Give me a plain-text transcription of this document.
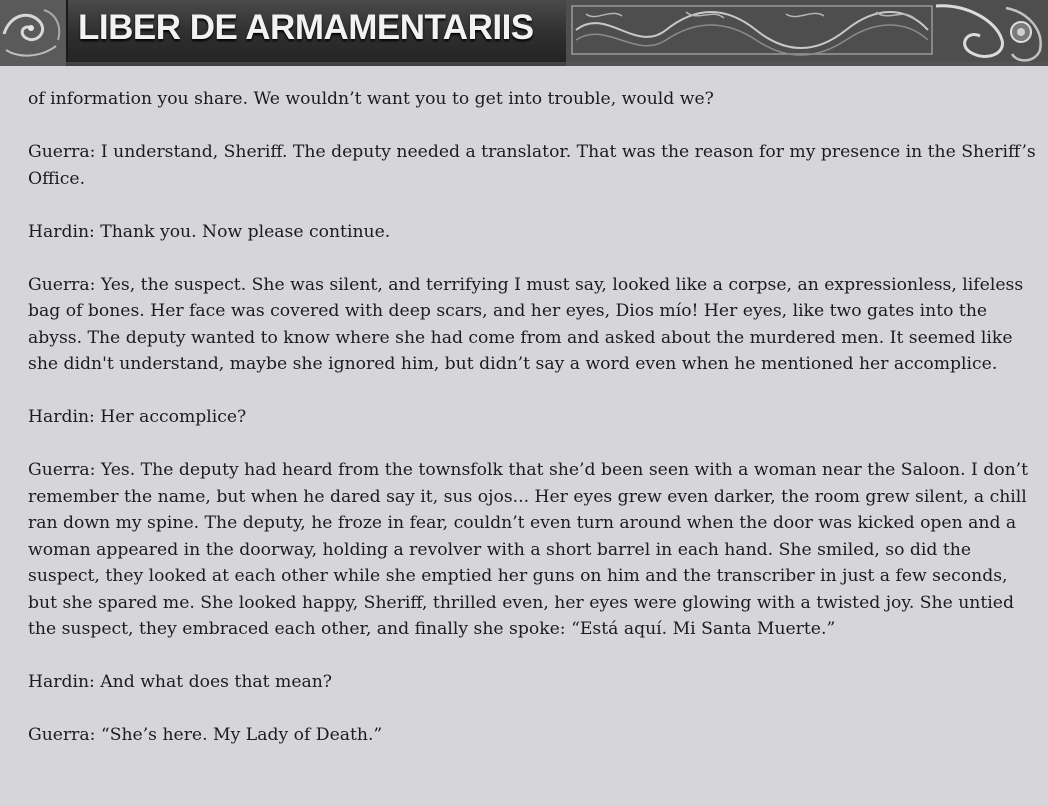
LIBER DE ARMAMENTARIIS

of information you share. We wouldn’t want you to get into trouble, would we?

Guerra: I understand, Sheriff. The deputy needed a translator. That was the reason for my presence in the Sheriff’s Office.

Hardin: Thank you. Now please continue.

Guerra: Yes, the suspect. She was silent, and terrifying I must say, looked like a corpse, an expressionless, lifeless bag of bones. Her face was covered with deep scars, and her eyes, Dios mío! Her eyes, like two gates into the abyss. The deputy wanted to know where she had come from and asked about the murdered men. It seemed like she didn't understand, maybe she ignored him, but didn’t say a word even when he mentioned her accomplice.

Hardin: Her accomplice?

Guerra: Yes. The deputy had heard from the townsfolk that she’d been seen with a woman near the Saloon. I don’t remember the name, but when he dared say it, sus ojos... Her eyes grew even darker, the room grew silent, a chill ran down my spine. The deputy, he froze in fear, couldn’t even turn around when the door was kicked open and a woman appeared in the doorway, holding a revolver with a short barrel in each hand. She smiled, so did the suspect, they looked at each other while she emptied her guns on him and the transcriber in just a few seconds, but she spared me. She looked happy, Sheriff, thrilled even, her eyes were glowing with a twisted joy. She untied the suspect, they embraced each other, and finally she spoke: “Está aquí. Mi Santa Muerte.”

Hardin: And what does that mean?

Guerra: “She’s here. My Lady of Death.”
